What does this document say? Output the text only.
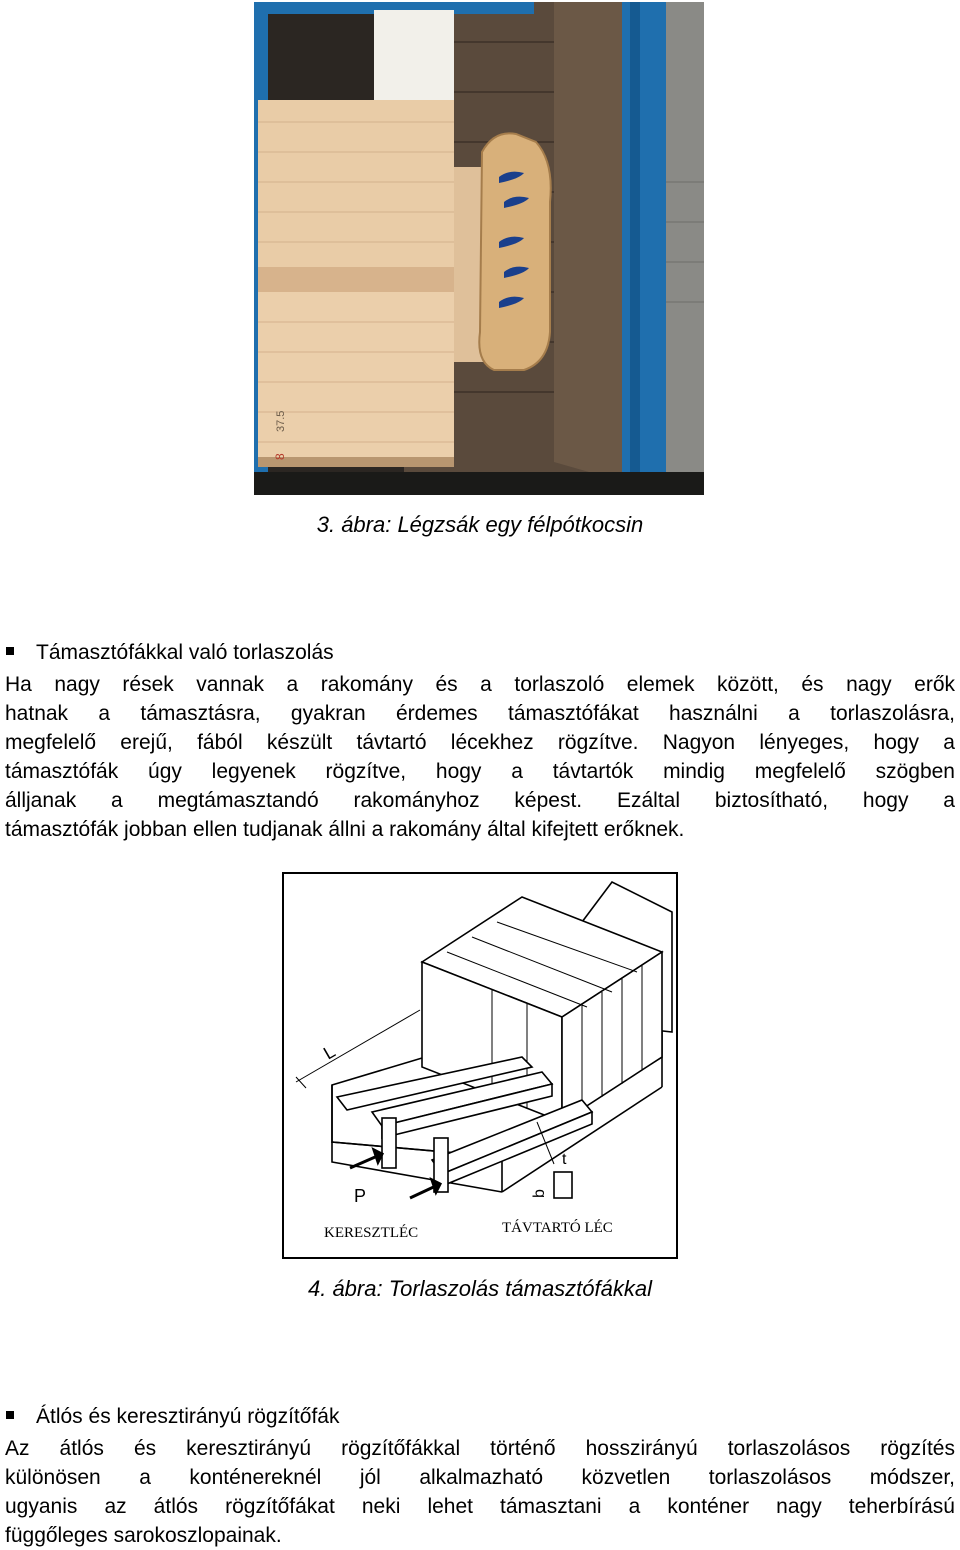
8
37.5
3. ábra: Légzsák egy félpótkocsin
Támasztófákkal való torlaszolás
Ha nagy rések vannak a rakomány és a torlaszoló elemek között, és nagy erők
hatnak a támasztásra, gyakran érdemes támasztófákat használni a torlaszolásra,
megfelelő erejű, fából készült távtartó lécekhez rögzítve. Nagyon lényeges, hogy a
támasztófák úgy legyenek rögzítve, hogy a távtartók mindig megfelelő szögben
álljanak a megtámasztandó rakományhoz képest. Ezáltal biztosítható, hogy a
támasztófák jobban ellen tudjanak állni a rakomány által kifejtett erőknek.
L
P
t
b
KERESZTLÉC	TÁVTARTÓ LÉC
4. ábra: Torlaszolás támasztófákkal
Átlós és keresztirányú rögzítőfák
Az átlós és keresztirányú rögzítőfákkal történő hosszirányú torlaszolásos rögzítés
különösen a konténereknél jól alkalmazható közvetlen torlaszolásos módszer,
ugyanis az átlós rögzítőfákat neki lehet támasztani a konténer nagy teherbírású
függőleges sarokoszlopainak.
